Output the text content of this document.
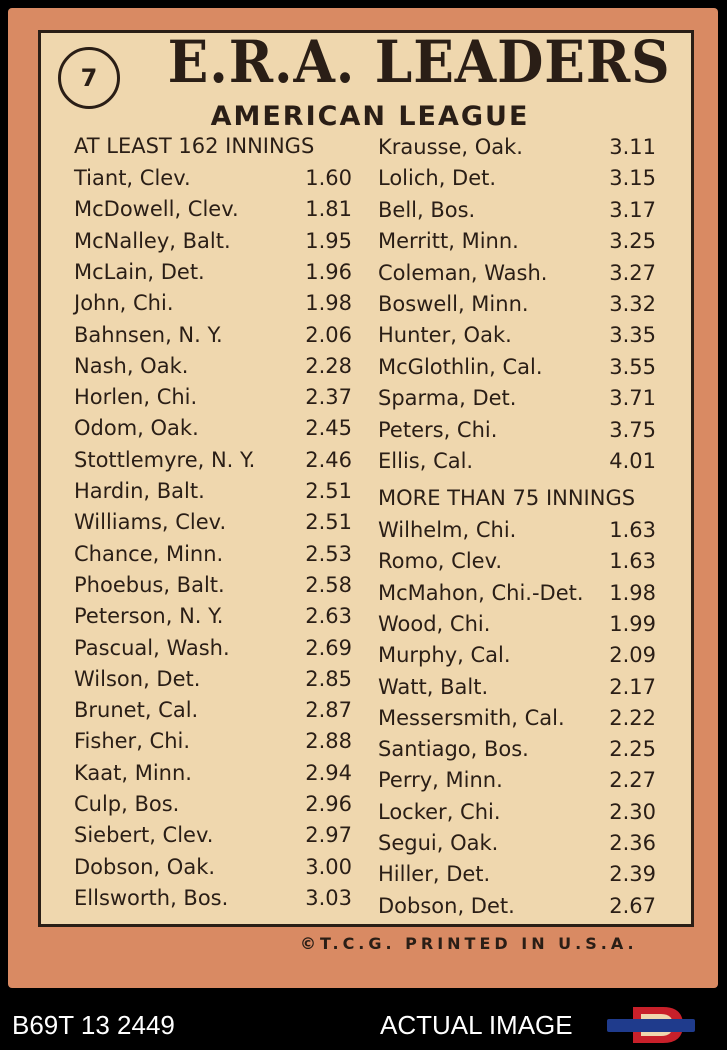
7 E.R.A. LEADERS
AMERICAN LEAGUE
AT LEAST 162 INNINGS
Tiant, Clev.	1.60
McDowell, Clev.	1.81
McNalley, Balt.	1.95
McLain, Det.	1.96
John, Chi.	1.98
Bahnsen, N. Y.	2.06
Nash, Oak.	2.28
Horlen, Chi.	2.37
Odom, Oak.	2.45
Stottlemyre, N. Y. 2.46
Hardin, Balt.	2.51
Williams, Clev.	2.51
Chance, Minn.	2.53
Phoebus, Balt.	2.58
Peterson, N. Y.	2.63
Pascual, Wash.	2.69
Wilson, Det.	2.85
Brunet, Cal.	2.87
Fisher, Chi.	2.88
Kaat, Minn.	2.94
Culp, Bos.	2.96
Siebert, Clev.	2.97
Dobson, Oak.	3.00
Ellsworth, Bos.	3.03
Krausse, Oak.	3.11
Lolich, Det.	3.15
Bell, Bos.	3.17
Merritt, Minn.	3.25
Coleman, Wash.	3.27
Boswell, Minn.	3.32
Hunter, Oak.	3.35
McGlothlin, Cal.	3.55
Sparma, Det.	3.71
Peters, Chi.	3.75
Ellis, Cal.	4.01
MORE THAN 75 INNINGS
Wilhelm, Chi.	1.63
Romo, Clev.	1.63
McMahon, Chi.-Det. 1.98
Wood, Chi.	1.99
Murphy, Cal.	2.09
Watt, Balt.	2.17
Messersmith, Cal. 2.22
Santiago, Bos.	2.25
Perry, Minn.	2.27
Locker, Chi.	2.30
Segui, Oak.	2.36
Hiller, Det.	2.39
Dobson, Det.	2.67
©T.C.G. PRINTED IN U.S.A.
B69T 13 2449	ACTUAL IMAGE
